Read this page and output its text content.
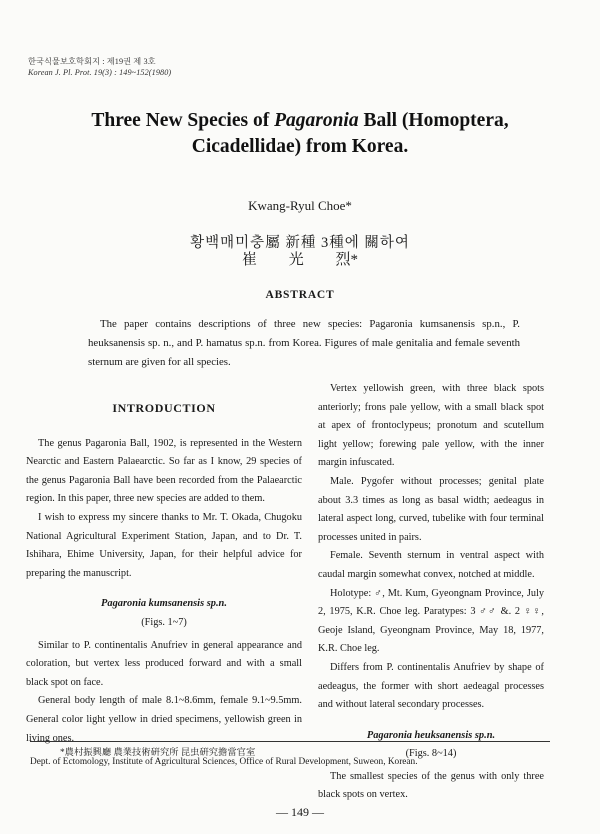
한국식물보호학회지 : 제19권 제 3호
Korean J. Pl. Prot. 19(3) : 149~152(1980)
Three New Species of Pagaronia Ball (Homoptera,
Cicadellidae) from Korea.
Kwang-Ryul Choe*
황백매미충屬 新種 3種에 關하여
崔 光 烈*
ABSTRACT
The paper contains descriptions of three new species: Pagaronia kumsanensis sp.n., P. heuksanensis sp. n., and P. hamatus sp.n. from Korea. Figures of male genitalia and female seventh sternum are given for all species.
INTRODUCTION

The genus Pagaronia Ball, 1902, is represented in the Western Nearctic and Eastern Palaearctic. So far as I know, 29 species of the genus Pagaronia Ball have been recorded from the Palaearctic region. In this paper, three new species are added to them.

I wish to express my sincere thanks to Mr. T. Okada, Chugoku National Agricultural Experiment Station, Japan, and to Dr. T. Ishihara, Ehime University, Japan, for their helpful advice for preparing the manuscript.

Pagaronia kumsanensis sp.n.
(Figs. 1~7)

Similar to P. continentalis Anufriev in general appearance and coloration, but vertex less produced forward and with a small black spot on face.

General body length of male 8.1~8.6mm, female 9.1~9.5mm. General color light yellow in dried specimens, yellowish green in living ones.

Vertex yellowish green, with three black spots anteriorly; frons pale yellow, with a small black spot at apex of frontoclypeus; pronotum and scutellum light yellow; forewing pale yellow, with the inner margin infuscated.

Male. Pygofer without processes; genital plate about 3.3 times as long as basal width; aedeagus in lateral aspect long, curved, tubelike with four terminal processes united in pairs.

Female. Seventh sternum in ventral aspect with caudal margin somewhat convex, notched at middle.

Holotype: ♂, Mt. Kum, Gyeongnam Province, July 2, 1975, K.R. Choe leg. Paratypes: 3 ♂♂ &. 2 ♀♀, Geoje Island, Gyeongnam Province, May 18, 1977, K.R. Choe leg.

Differs from P. continentalis Anufriev by shape of aedeagus, the former with short aedeagal processes and without lateral secondary processes.

Pagaronia heuksanensis sp.n.
(Figs. 8~14)

The smallest species of the genus with only three black spots on vertex.

*農村振興廳 農業技術硏究所 昆虫硏究擔當官室
Dept. of Ectomology, Institute of Agricultural Sciences, Office of Rural Development, Suweon, Korean.
— 149 —
